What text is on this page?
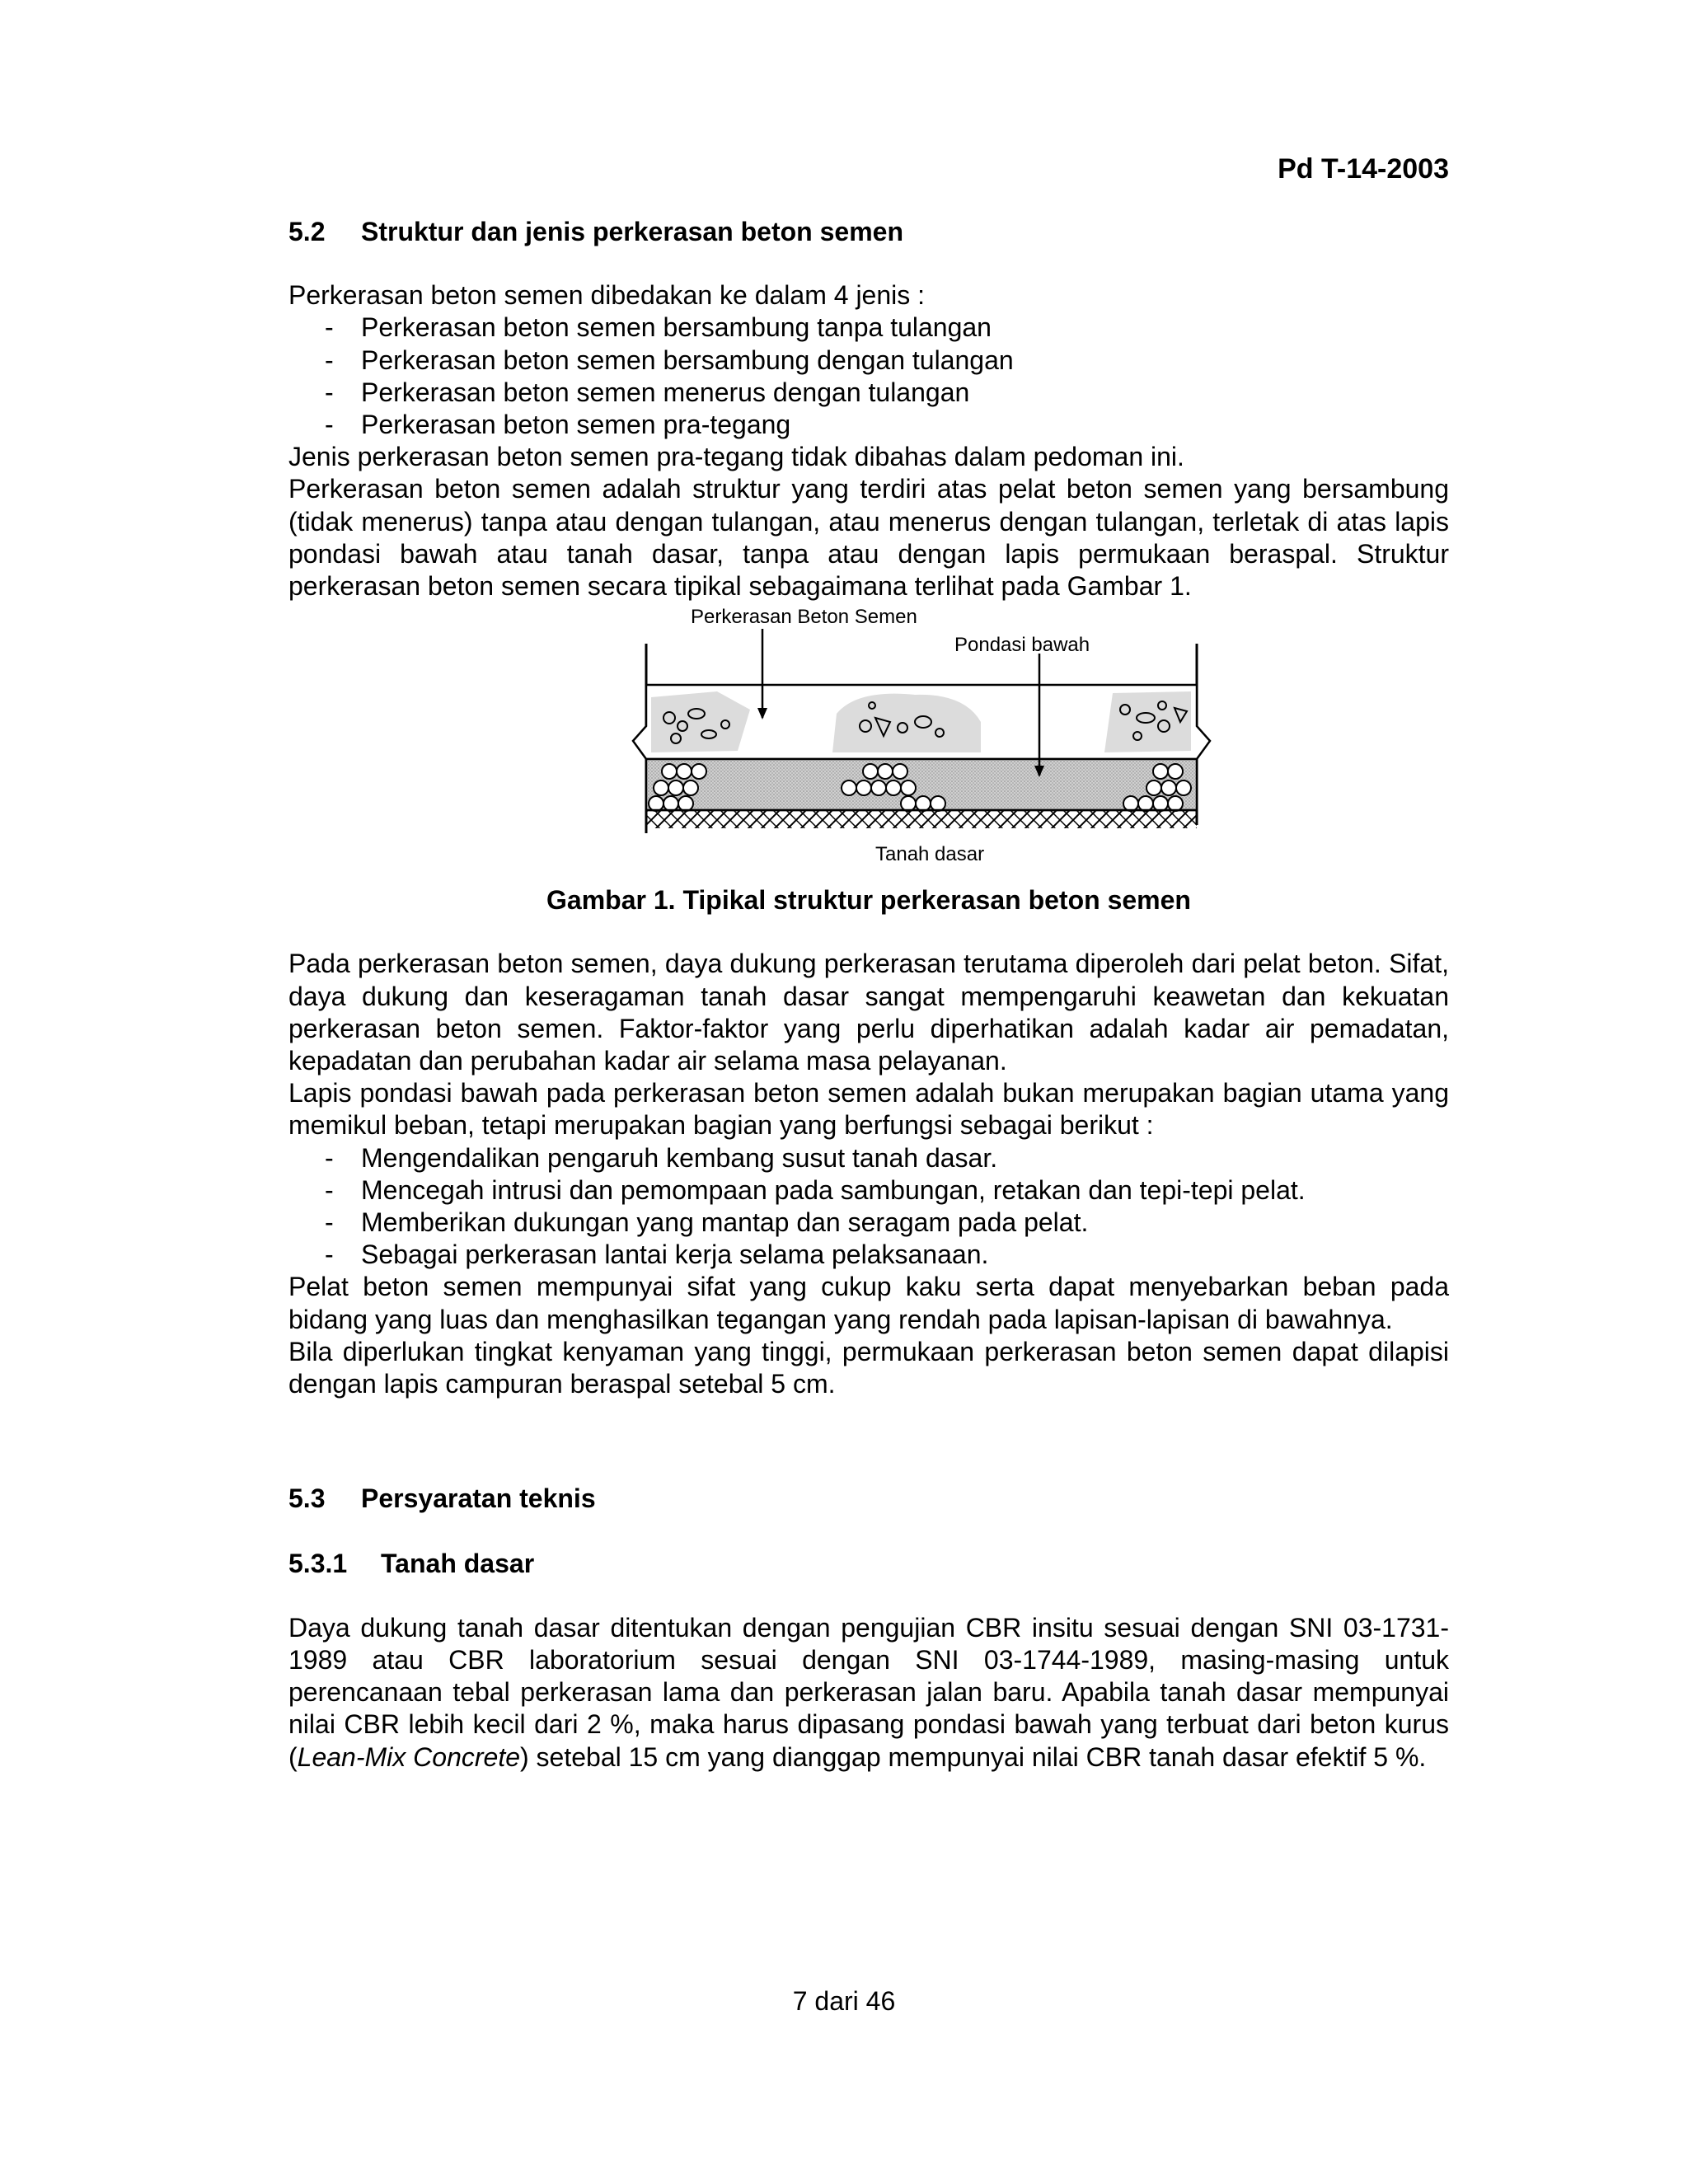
Pd T-14-2003
5.2 Struktur dan jenis perkerasan beton semen

Perkerasan beton semen dibedakan ke dalam 4 jenis :

- Perkerasan beton semen bersambung tanpa tulangan
- Perkerasan beton semen bersambung dengan tulangan
- Perkerasan beton semen menerus dengan tulangan
- Perkerasan beton semen pra-tegang

Jenis perkerasan beton semen pra-tegang tidak dibahas dalam pedoman ini.

Perkerasan beton semen adalah struktur yang terdiri atas pelat beton semen yang bersambung (tidak menerus) tanpa atau dengan tulangan, atau menerus dengan tulangan, terletak di atas lapis pondasi bawah atau tanah dasar, tanpa atau dengan lapis permukaan beraspal. Struktur perkerasan beton semen secara tipikal sebagaimana terlihat pada Gambar 1.

Perkerasan Beton Semen
Pondasi bawah
Tanah dasar
Gambar 1. Tipikal struktur perkerasan beton semen

Pada perkerasan beton semen, daya dukung perkerasan terutama diperoleh dari pelat beton. Sifat, daya dukung dan keseragaman tanah dasar sangat mempengaruhi keawetan dan kekuatan perkerasan beton semen. Faktor-faktor yang perlu diperhatikan adalah kadar air pemadatan, kepadatan dan perubahan kadar air selama masa pelayanan.

Lapis pondasi bawah pada perkerasan beton semen adalah bukan merupakan bagian utama yang memikul beban, tetapi merupakan bagian yang berfungsi sebagai berikut :

- Mengendalikan pengaruh kembang susut tanah dasar.
- Mencegah intrusi dan pemompaan pada sambungan, retakan dan tepi-tepi pelat.
- Memberikan dukungan yang mantap dan seragam pada pelat.
- Sebagai perkerasan lantai kerja selama pelaksanaan.

Pelat beton semen mempunyai sifat yang cukup kaku serta dapat menyebarkan beban pada bidang yang luas dan menghasilkan tegangan yang rendah pada lapisan-lapisan di bawahnya.

Bila diperlukan tingkat kenyaman yang tinggi, permukaan perkerasan beton semen dapat dilapisi dengan lapis campuran beraspal setebal 5 cm.

5.3 Persyaratan teknis
5.3.1 Tanah dasar

Daya dukung tanah dasar ditentukan dengan pengujian CBR insitu sesuai dengan SNI 03-1731-1989 atau CBR laboratorium sesuai dengan SNI 03-1744-1989, masing-masing untuk perencanaan tebal perkerasan lama dan perkerasan jalan baru. Apabila tanah dasar mempunyai nilai CBR lebih kecil dari 2 %, maka harus dipasang pondasi bawah yang terbuat dari beton kurus (Lean-Mix Concrete) setebal 15 cm yang dianggap mempunyai nilai CBR tanah dasar efektif 5 %.

7 dari 46
